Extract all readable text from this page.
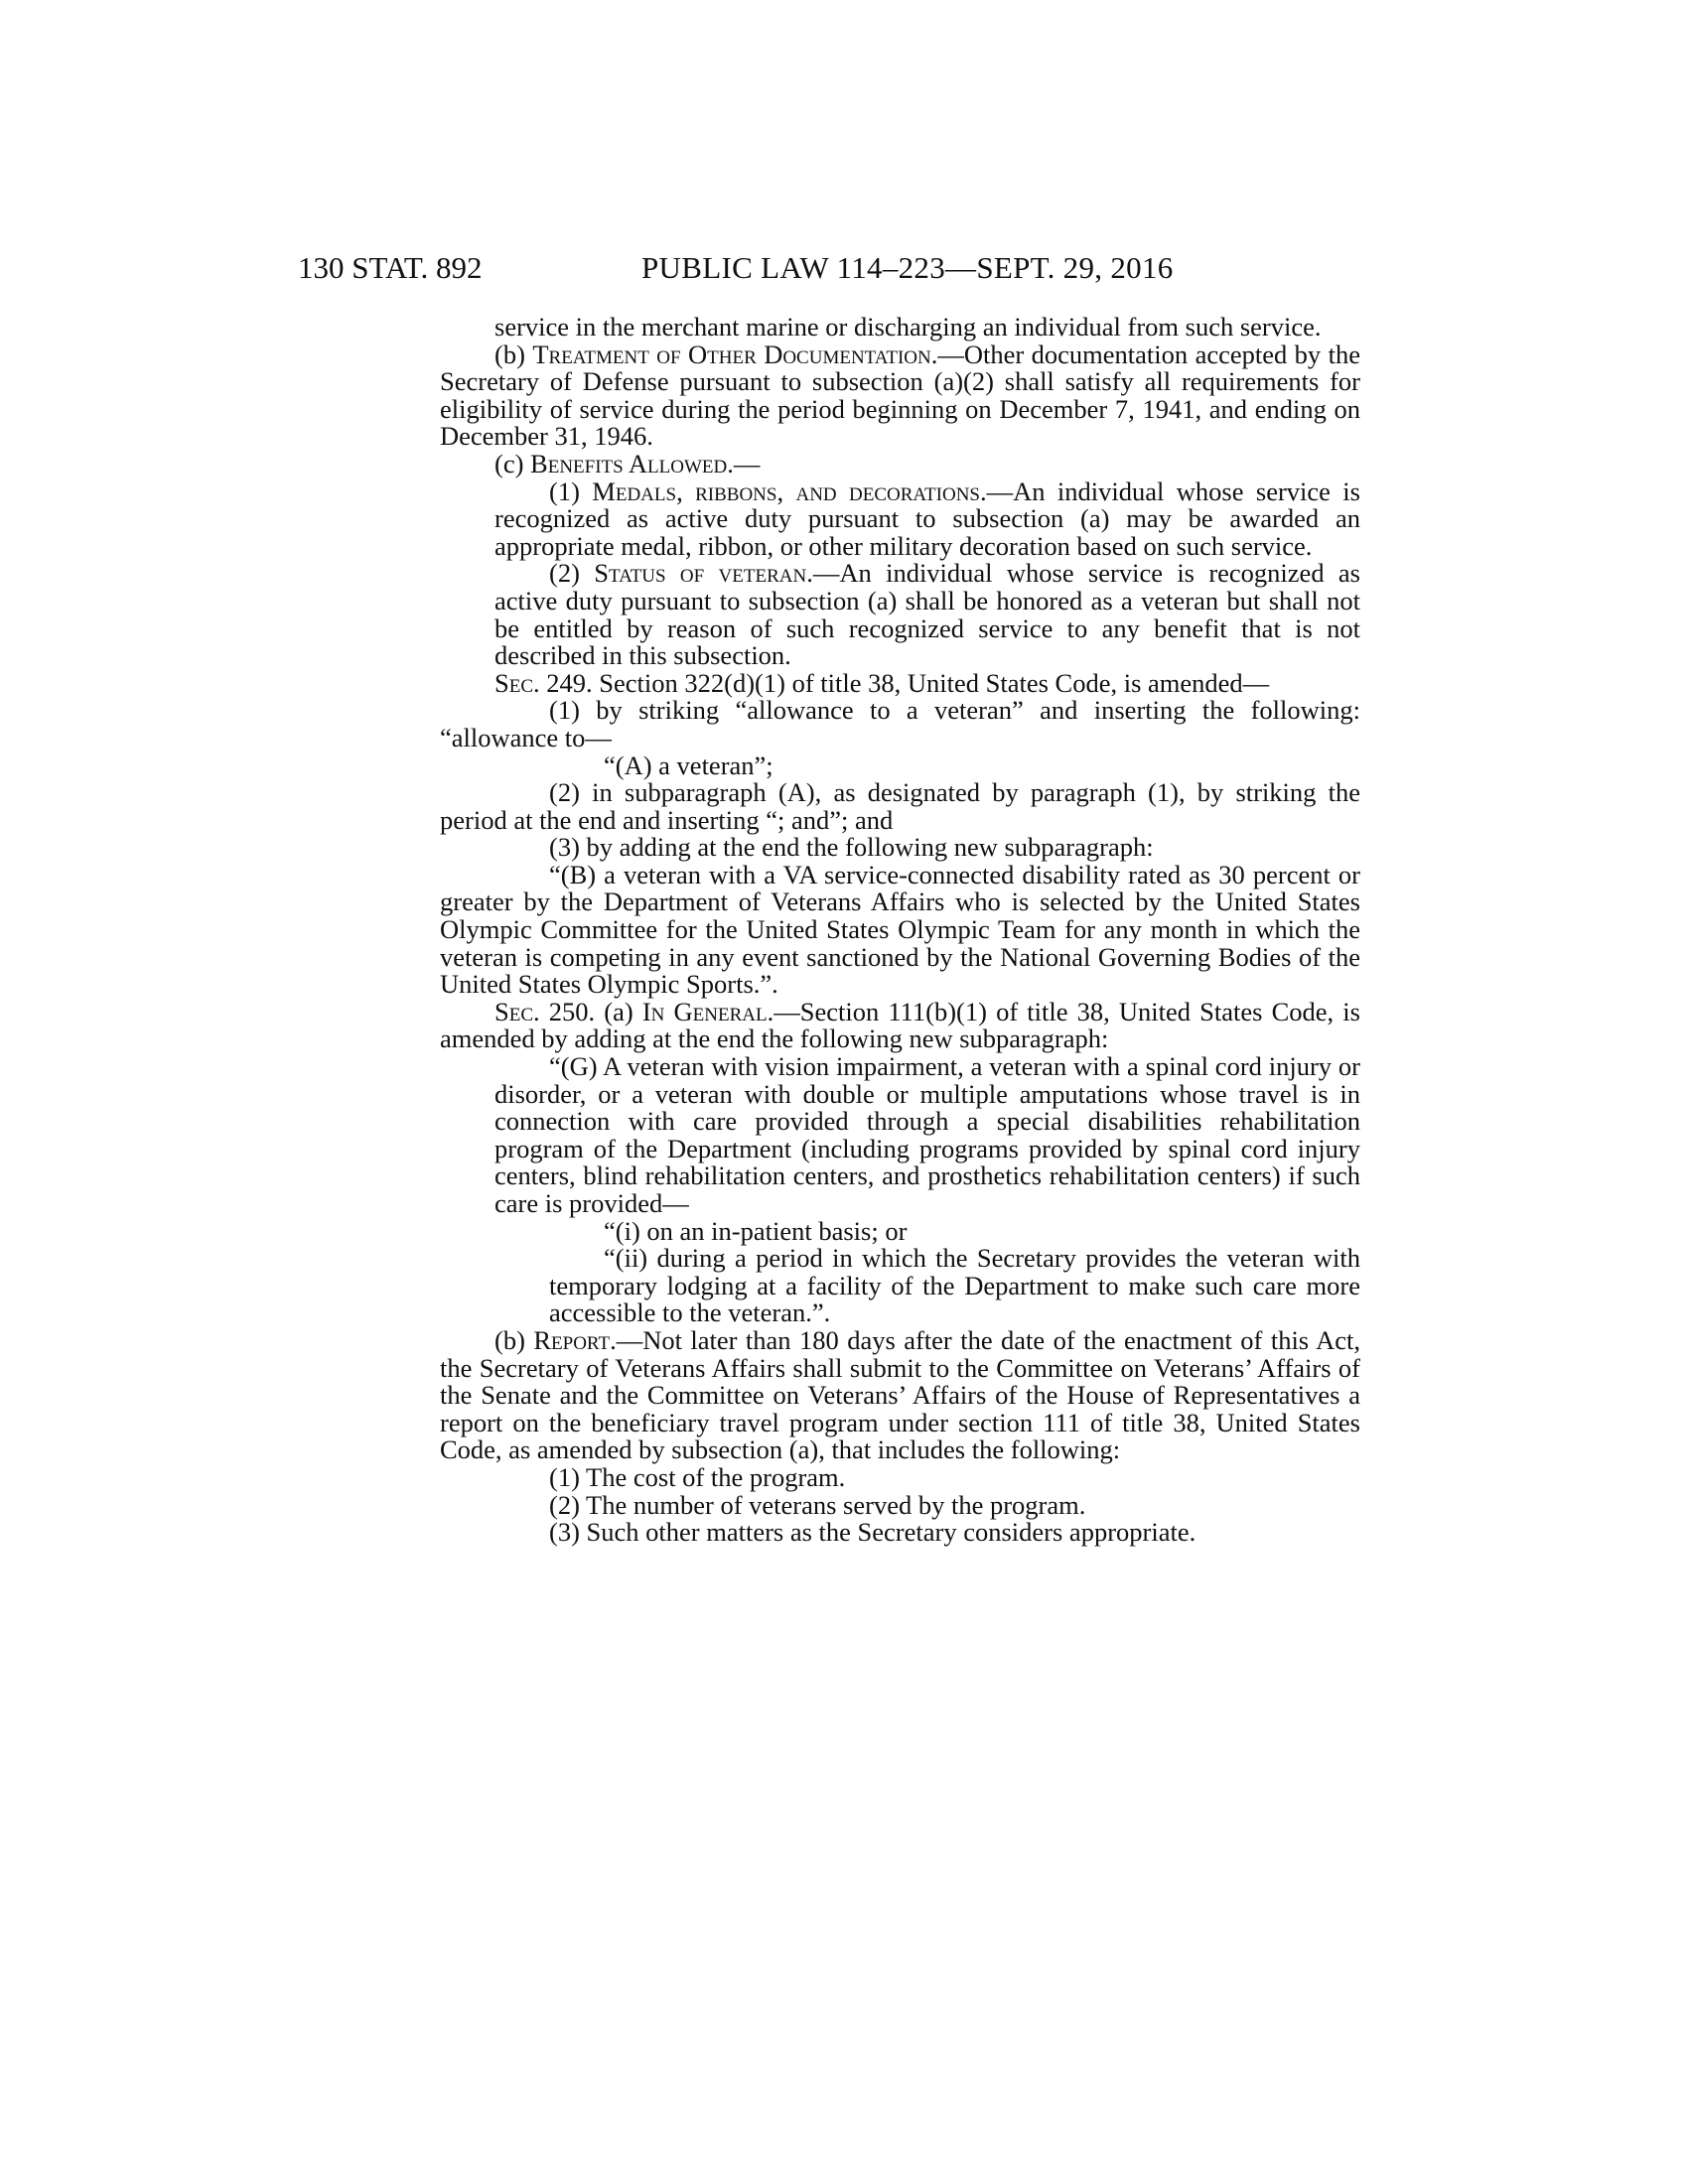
130 STAT. 892	PUBLIC LAW 114–223—SEPT. 29, 2016

service in the merchant marine or discharging an individual from such service.

(b) Treatment of Other Documentation.—Other documentation accepted by the Secretary of Defense pursuant to subsection (a)(2) shall satisfy all requirements for eligibility of service during the period beginning on December 7, 1941, and ending on December 31, 1946.

(c) Benefits Allowed.—

(1) Medals, ribbons, and decorations.—An individual whose service is recognized as active duty pursuant to subsection (a) may be awarded an appropriate medal, ribbon, or other military decoration based on such service.

(2) Status of veteran.—An individual whose service is recognized as active duty pursuant to subsection (a) shall be honored as a veteran but shall not be entitled by reason of such recognized service to any benefit that is not described in this subsection.

Sec. 249. Section 322(d)(1) of title 38, United States Code, is amended—

(1) by striking “allowance to a veteran” and inserting the following: “allowance to—

“(A) a veteran”;

(2) in subparagraph (A), as designated by paragraph (1), by striking the period at the end and inserting “; and”; and

(3) by adding at the end the following new subparagraph:

“(B) a veteran with a VA service-connected disability rated as 30 percent or greater by the Department of Veterans Affairs who is selected by the United States Olympic Committee for the United States Olympic Team for any month in which the veteran is competing in any event sanctioned by the National Governing Bodies of the United States Olympic Sports.”.

Sec. 250. (a) In General.—Section 111(b)(1) of title 38, United States Code, is amended by adding at the end the following new subparagraph:

“(G) A veteran with vision impairment, a veteran with a spinal cord injury or disorder, or a veteran with double or multiple amputations whose travel is in connection with care provided through a special disabilities rehabilitation program of the Department (including programs provided by spinal cord injury centers, blind rehabilitation centers, and prosthetics rehabilitation centers) if such care is provided—

“(i) on an in-patient basis; or

“(ii) during a period in which the Secretary provides the veteran with temporary lodging at a facility of the Department to make such care more accessible to the veteran.”.

(b) Report.—Not later than 180 days after the date of the enactment of this Act, the Secretary of Veterans Affairs shall submit to the Committee on Veterans’ Affairs of the Senate and the Committee on Veterans’ Affairs of the House of Representatives a report on the beneficiary travel program under section 111 of title 38, United States Code, as amended by subsection (a), that includes the following:

(1) The cost of the program.

(2) The number of veterans served by the program.

(3) Such other matters as the Secretary considers appropriate.
